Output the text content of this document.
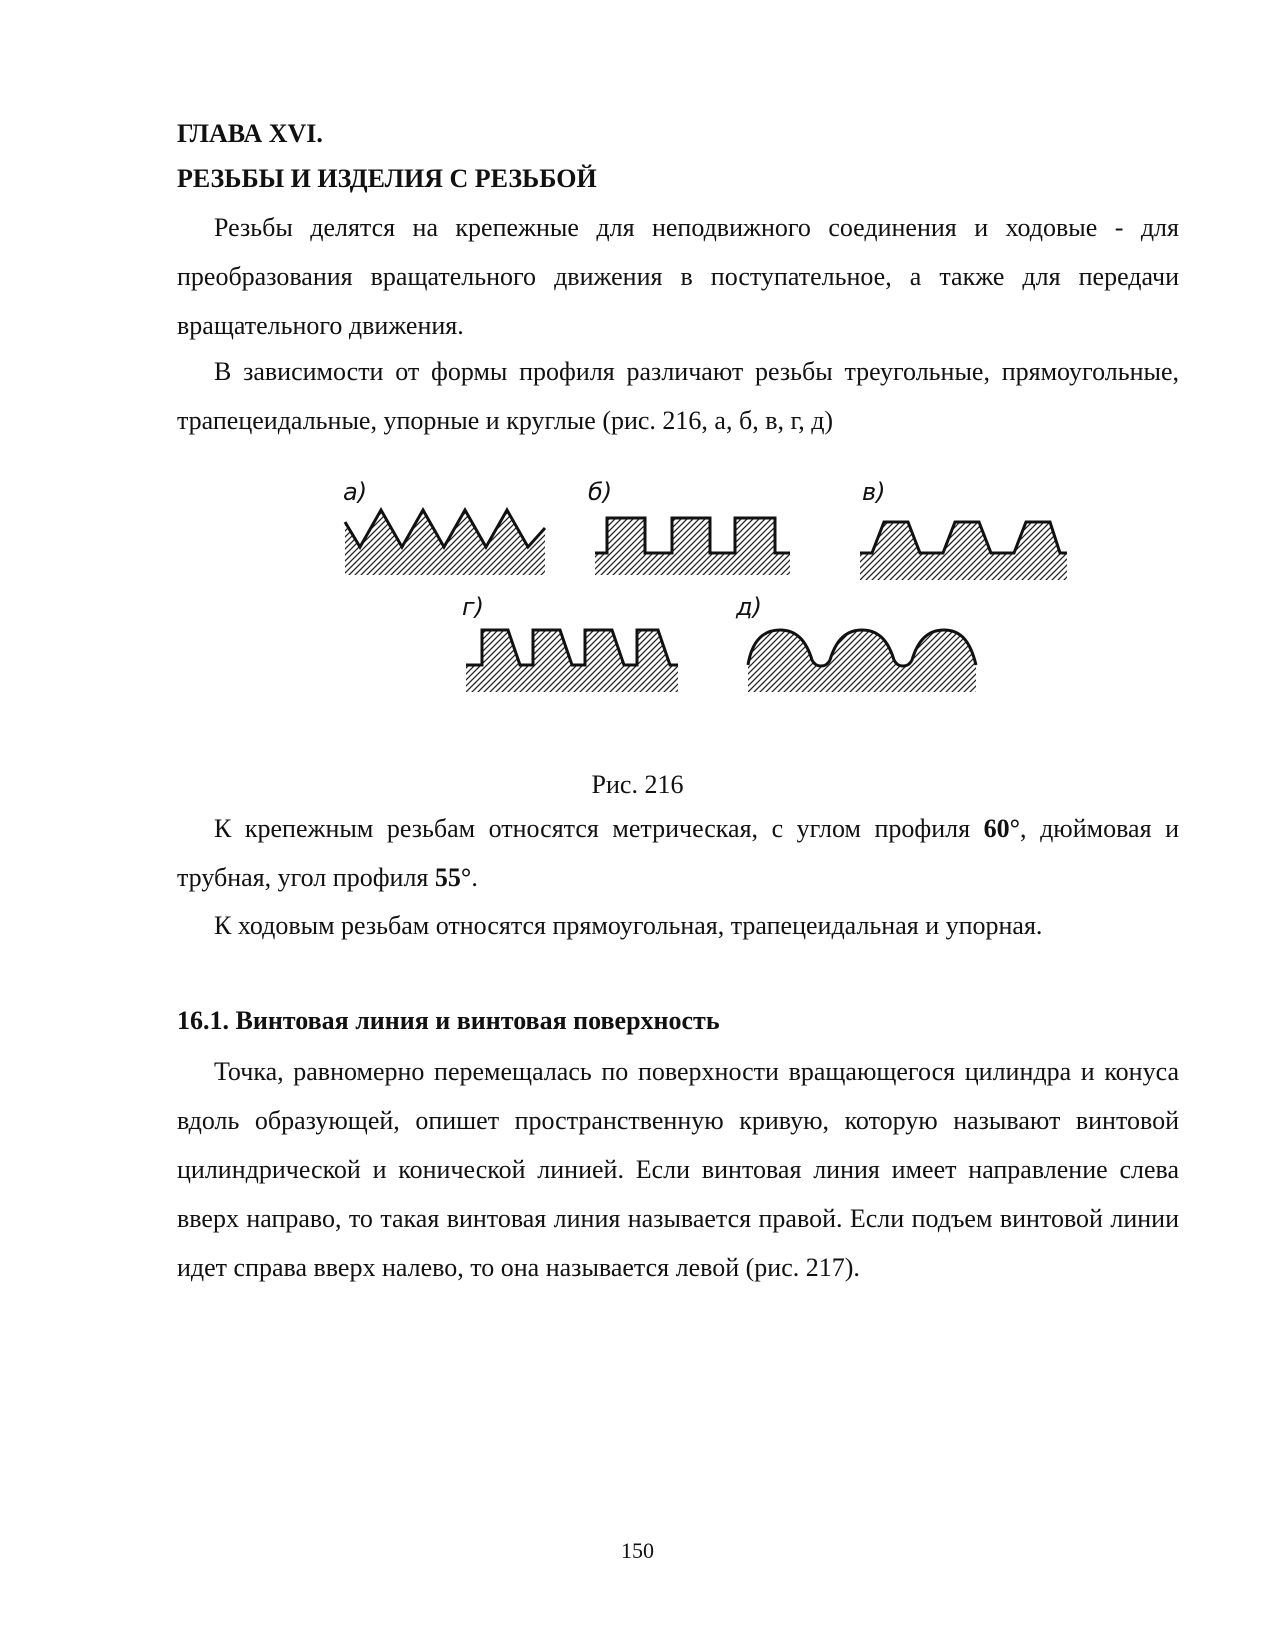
ГЛАВА XVI.
РЕЗЬБЫ И ИЗДЕЛИЯ С РЕЗЬБОЙ
Резьбы делятся на крепежные для неподвижного соединения и ходовые - для преобразования вращательного движения в поступательное, а также для передачи вращательного движения.
В зависимости от формы профиля различают резьбы треугольные, прямоугольные, трапецеидальные, упорные и круглые (рис. 216, а, б, в, г, д)
а)	б)	в)
г)	д)
Рис. 216
К крепежным резьбам относятся метрическая, с углом профиля 60°, дюймовая и трубная, угол профиля 55°.
К ходовым резьбам относятся прямоугольная, трапецеидальная и упорная.
16.1. Винтовая линия и винтовая поверхность
Точка, равномерно перемещалась по поверхности вращающегося цилиндра и конуса вдоль образующей, опишет пространственную кривую, которую называют винтовой цилиндрической и конической линией. Если винтовая линия имеет направление слева вверх направо, то такая винтовая линия называется правой. Если подъем винтовой линии идет справа вверх налево, то она называется левой (рис. 217).
150
